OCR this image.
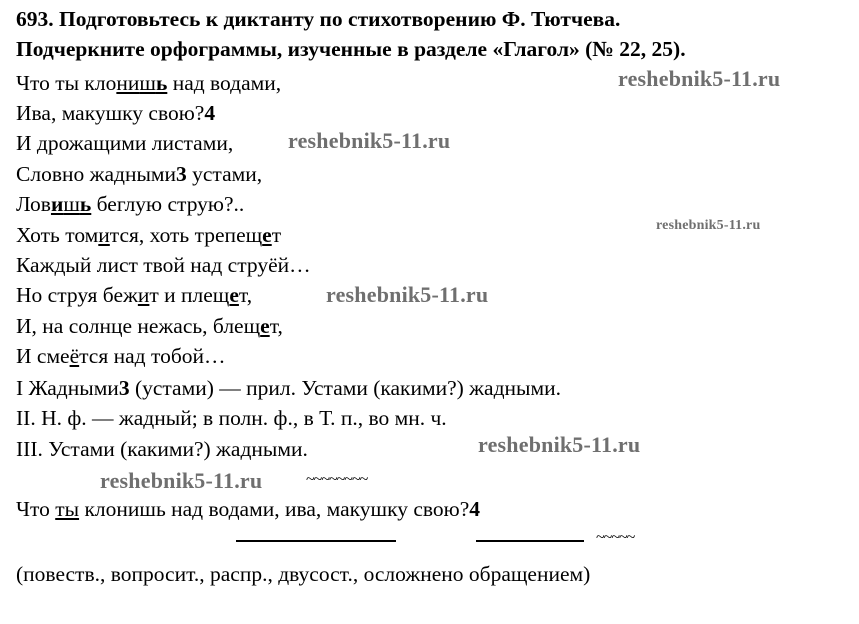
693. Подготовьтесь к диктанту по стихотворению Ф. Тютчева.
Подчеркните орфограммы, изученные в разделе «Глагол» (№ 22, 25).
Что ты клонишь над водами,
Ива, макушку свою?4
И дрожащими листами,
Словно жадными3 устами,
Ловишь беглую струю?..
Хоть томится, хоть трепещет
Каждый лист твой над струёй…
Но струя бежит и плещет,
И, на солнце нежась, блещет,
И смеётся над тобой…
I Жадными3 (устами) — прил. Устами (какими?) жадными.
II. Н. ф. — жадный; в полн. ф., в Т. п., во мн. ч.
III. Устами (какими?) жадными.
~~~~~~~~
Что ты клонишь над водами, ива, макушку свою?4
~~~~~
(повеств., вопросит., распр., двусост., осложнено обращением)
reshebnik5-11.ru
reshebnik5-11.ru
reshebnik5-11.ru
reshebnik5-11.ru
reshebnik5-11.ru
reshebnik5-11.ru
